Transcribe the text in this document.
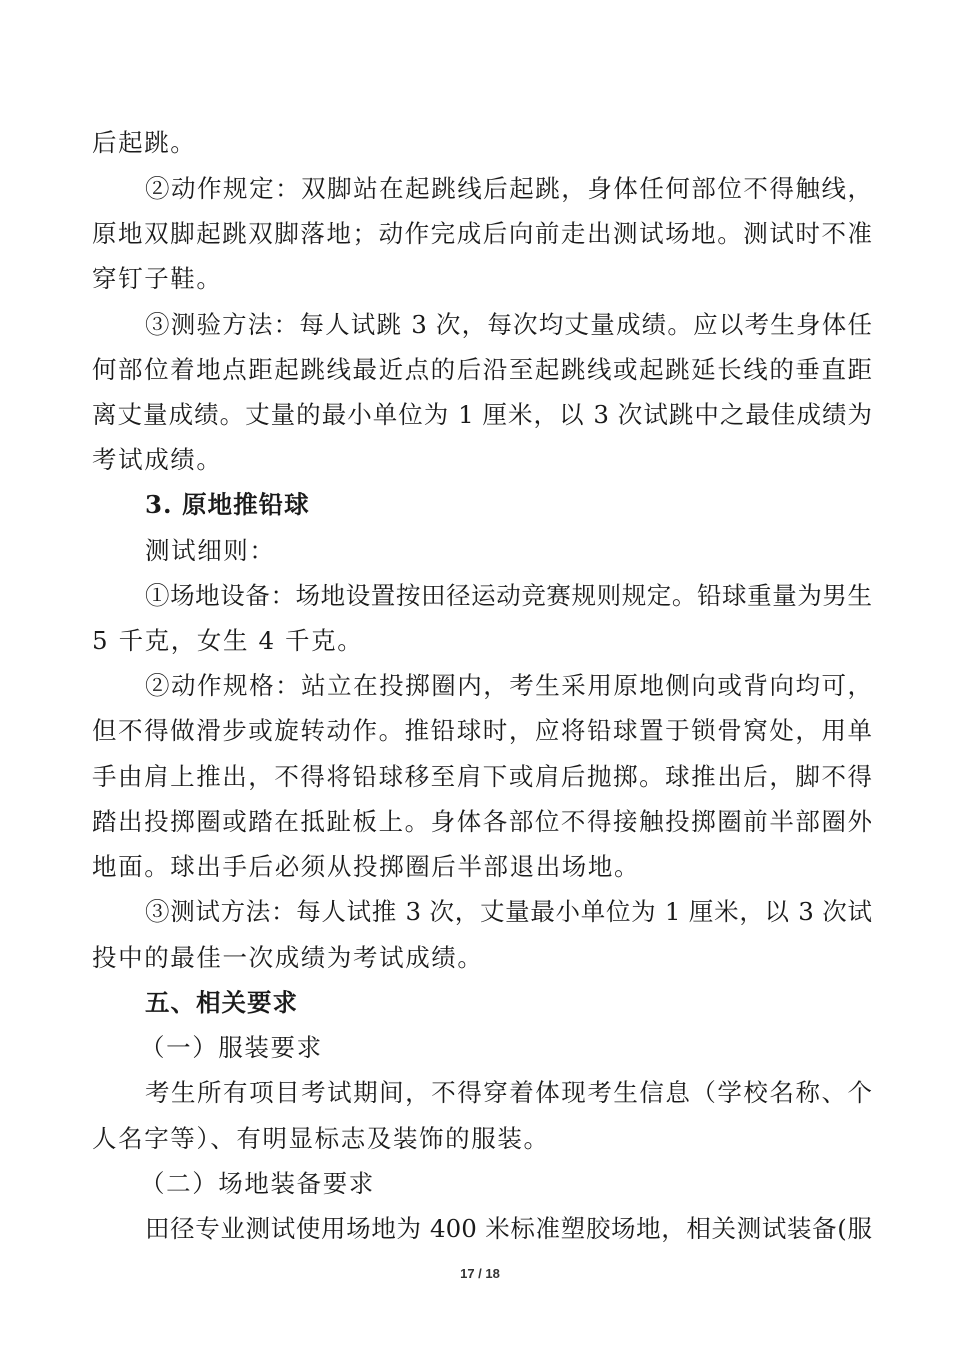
后起跳。
②动作规定：双脚站在起跳线后起跳，身体任何部位不得触线，
原地双脚起跳双脚落地；动作完成后向前走出测试场地。测试时不准
穿钉子鞋。
③测验方法：每人试跳 3 次，每次均丈量成绩。应以考生身体任
何部位着地点距起跳线最近点的后沿至起跳线或起跳延长线的垂直距
离丈量成绩。丈量的最小单位为 1 厘米，以 3 次试跳中之最佳成绩为
考试成绩。
3. 原地推铅球
测试细则：
①场地设备：场地设置按田径运动竞赛规则规定。铅球重量为男生
5 千克，女生 4 千克。
②动作规格：站立在投掷圈内，考生采用原地侧向或背向均可，
但不得做滑步或旋转动作。推铅球时，应将铅球置于锁骨窝处，用单
手由肩上推出，不得将铅球移至肩下或肩后抛掷。球推出后，脚不得
踏出投掷圈或踏在抵趾板上。身体各部位不得接触投掷圈前半部圈外
地面。球出手后必须从投掷圈后半部退出场地。
③测试方法：每人试推 3 次，丈量最小单位为 1 厘米，以 3 次试
投中的最佳一次成绩为考试成绩。
五、相关要求
（一）服装要求
考生所有项目考试期间，不得穿着体现考生信息（学校名称、个
人名字等）、有明显标志及装饰的服装。
（二）场地装备要求
田径专业测试使用场地为 400 米标准塑胶场地，相关测试装备(服
17 / 18
